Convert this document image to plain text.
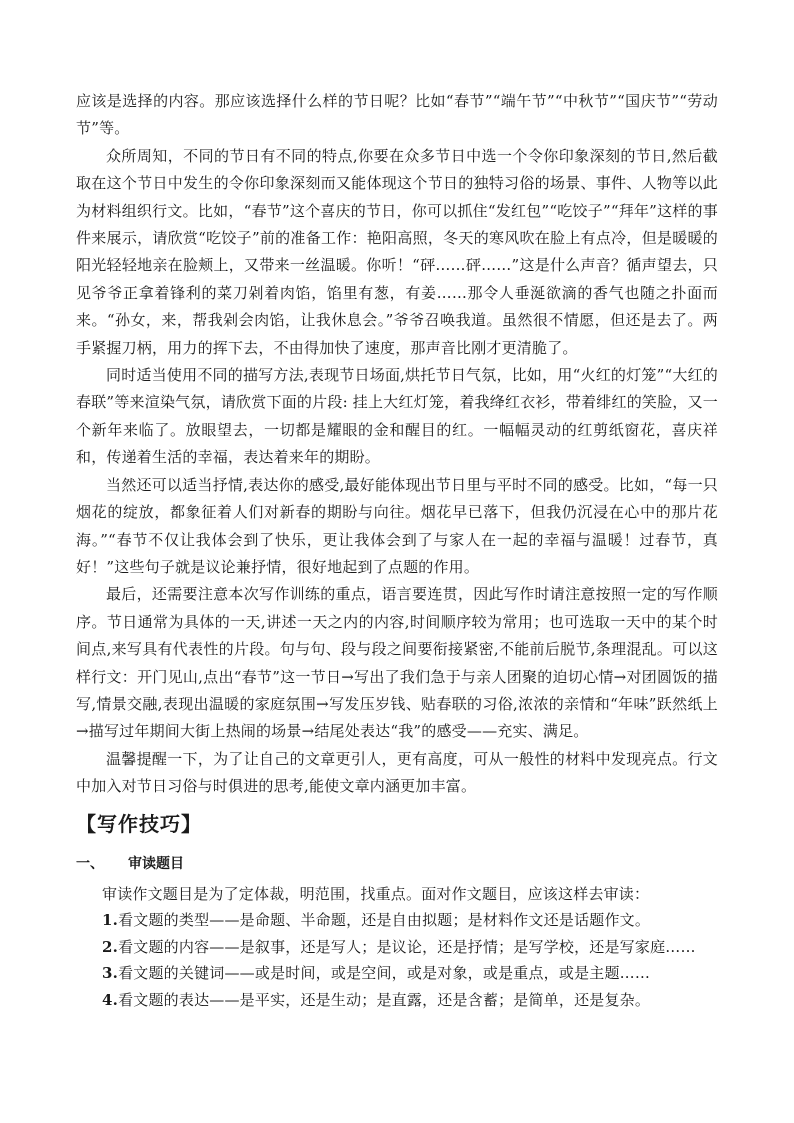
应该是选择的内容。那应该选择什么样的节日呢？比如“春节”“端午节”“中秋节”“国庆节”“劳动节”等。

众所周知，不同的节日有不同的特点,你要在众多节日中选一个令你印象深刻的节日,然后截取在这个节日中发生的令你印象深刻而又能体现这个节日的独特习俗的场景、事件、人物等以此为材料组织行文。比如，“春节”这个喜庆的节日，你可以抓住“发红包”“吃饺子”“拜年”这样的事件来展示，请欣赏“吃饺子”前的准备工作：艳阳高照，冬天的寒风吹在脸上有点冷，但是暖暖的阳光轻轻地亲在脸颊上，又带来一丝温暖。你听！“砰……砰……”这是什么声音？循声望去，只见爷爷正拿着锋利的菜刀剁着肉馅，馅里有葱，有姜……那令人垂涎欲滴的香气也随之扑面而来。“孙女，来，帮我剁会肉馅，让我休息会。”爷爷召唤我道。虽然很不情愿，但还是去了。两手紧握刀柄，用力的挥下去，不由得加快了速度，那声音比刚才更清脆了。

同时适当使用不同的描写方法,表现节日场面,烘托节日气氛，比如，用“火红的灯笼”“大红的春联”等来渲染气氛，请欣赏下面的片段: 挂上大红灯笼，着我绛红衣衫，带着绯红的笑脸，又一个新年来临了。放眼望去，一切都是耀眼的金和醒目的红。一幅幅灵动的红剪纸窗花，喜庆祥和，传递着生活的幸福，表达着来年的期盼。

当然还可以适当抒情,表达你的感受,最好能体现出节日里与平时不同的感受。比如，“每一只烟花的绽放，都象征着人们对新春的期盼与向往。烟花早已落下，但我仍沉浸在心中的那片花海。”“春节不仅让我体会到了快乐，更让我体会到了与家人在一起的幸福与温暖！过春节，真好！”这些句子就是议论兼抒情，很好地起到了点题的作用。

最后，还需要注意本次写作训练的重点，语言要连贯，因此写作时请注意按照一定的写作顺序。节日通常为具体的一天,讲述一天之内的内容,时间顺序较为常用；也可选取一天中的某个时间点,来写具有代表性的片段。句与句、段与段之间要衔接紧密,不能前后脱节,条理混乱。可以这样行文：开门见山,点出“春节”这一节日→写出了我们急于与亲人团聚的迫切心情→对团圆饭的描写,情景交融,表现出温暖的家庭氛围→写发压岁钱、贴春联的习俗,浓浓的亲情和“年味”跃然纸上→描写过年期间大街上热闹的场景→结尾处表达“我”的感受——充实、满足。

温馨提醒一下，为了让自己的文章更引人，更有高度，可从一般性的材料中发现亮点。行文中加入对节日习俗与时俱进的思考,能使文章内涵更加丰富。

【写作技巧】
一、	审读题目

审读作文题目是为了定体裁，明范围，找重点。面对作文题目，应该这样去审读：

1.看文题的类型——是命题、半命题，还是自由拟题；是材料作文还是话题作文。

2.看文题的内容——是叙事，还是写人；是议论，还是抒情；是写学校，还是写家庭……

3.看文题的关键词——或是时间，或是空间，或是对象，或是重点，或是主题……

4.看文题的表达——是平实，还是生动；是直露，还是含蓄；是简单，还是复杂。
